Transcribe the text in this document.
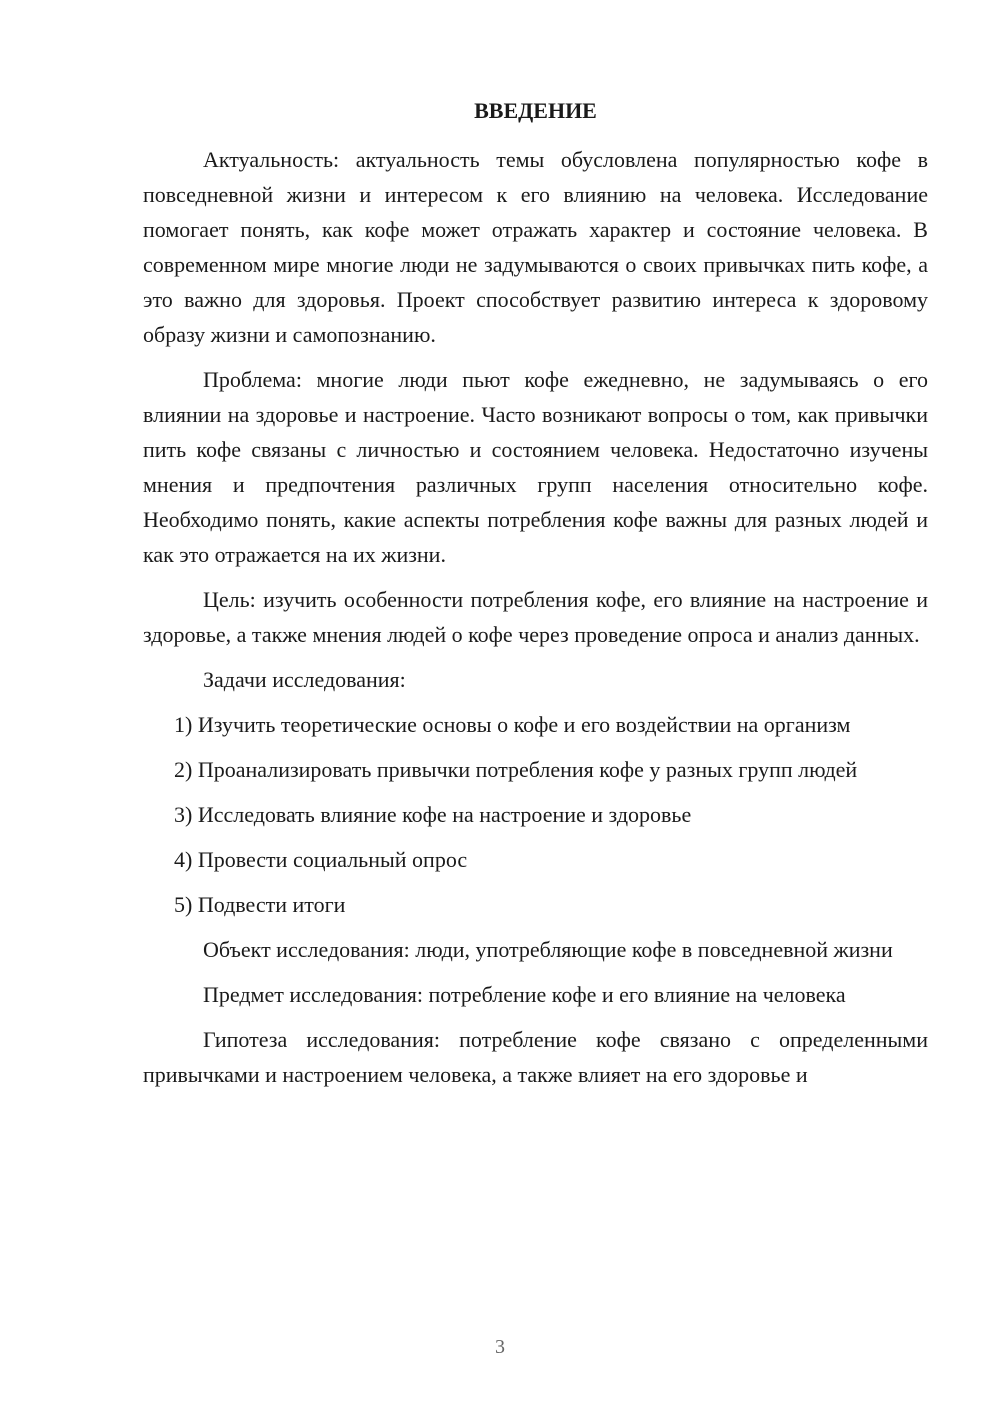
ВВЕДЕНИЕ

Актуальность: актуальность темы обусловлена популярностью кофе в повседневной жизни и интересом к его влиянию на человека. Исследование помогает понять, как кофе может отражать характер и состояние человека. В современном мире многие люди не задумываются о своих привычках пить кофе, а это важно для здоровья. Проект способствует развитию интереса к здоровому образу жизни и самопознанию.

Проблема: многие люди пьют кофе ежедневно, не задумываясь о его влиянии на здоровье и настроение. Часто возникают вопросы о том, как привычки пить кофе связаны с личностью и состоянием человека. Недостаточно изучены мнения и предпочтения различных групп населения относительно кофе. Необходимо понять, какие аспекты потребления кофе важны для разных людей и как это отражается на их жизни.

Цель: изучить особенности потребления кофе, его влияние на настроение и здоровье, а также мнения людей о кофе через проведение опроса и анализ данных.

Задачи исследования:

1) Изучить теоретические основы о кофе и его воздействии на организм

2) Проанализировать привычки потребления кофе у разных групп людей

3) Исследовать влияние кофе на настроение и здоровье

4) Провести социальный опрос

5) Подвести итоги

Объект исследования: люди, употребляющие кофе в повседневной жизни

Предмет исследования: потребление кофе и его влияние на человека

Гипотеза исследования: потребление кофе связано с определенными привычками и настроением человека, а также влияет на его здоровье и

3
